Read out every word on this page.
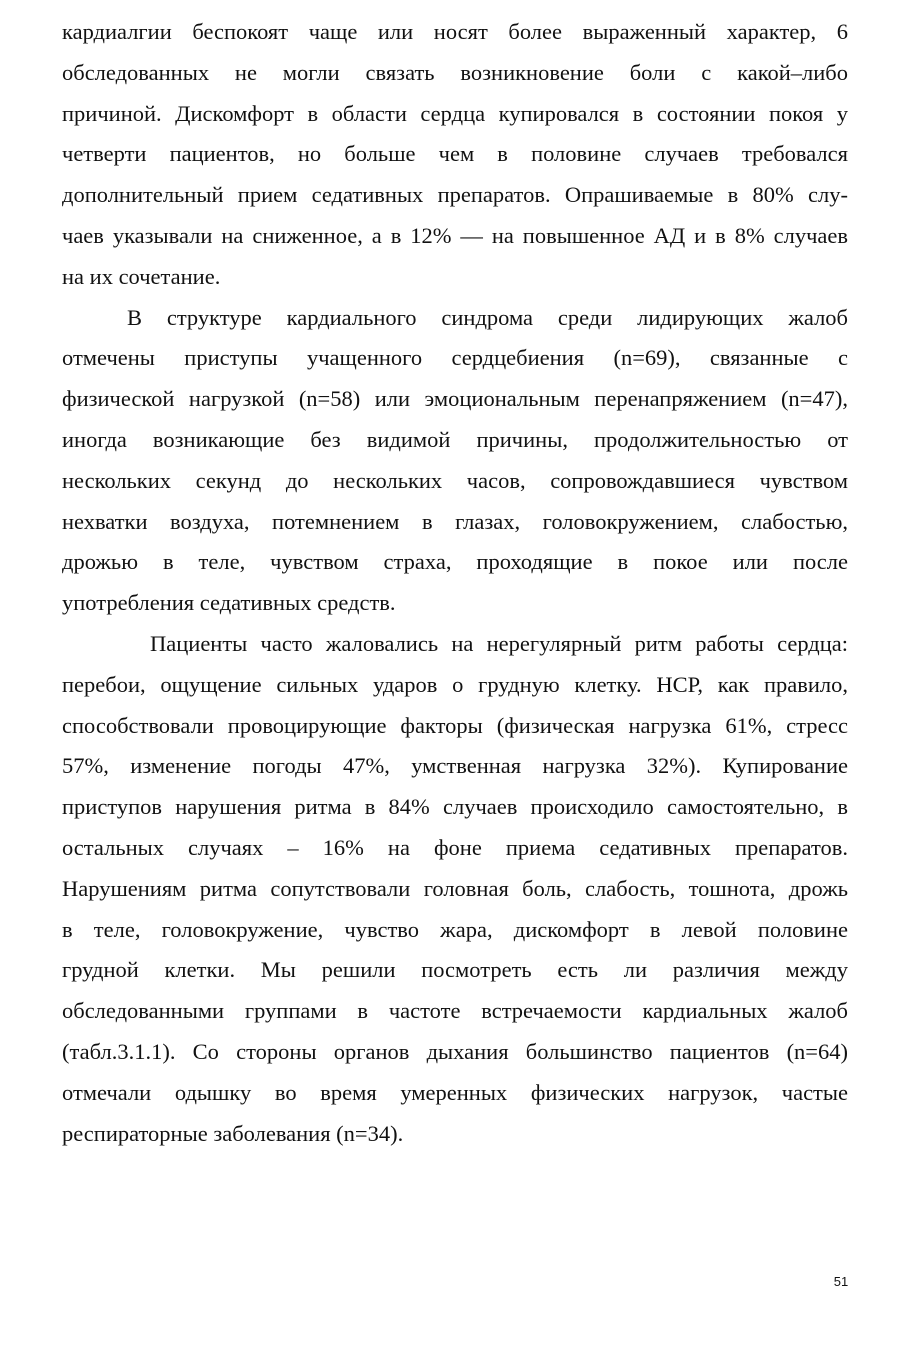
кардиалгии беспокоят чаще или носят более выраженный характер, 6
обследованных не могли связать возникновение боли с какой–либо
причиной. Дискомфорт в области сердца купировался в состоянии покоя у
четверти пациентов, но больше чем в половине случаев требовался
дополнительный прием седативных препаратов. Опрашиваемые в 80% слу-
чаев указывали на сниженное, а в 12% — на повышенное АД и в 8% случаев
на их сочетание.
В структуре кардиального синдрома среди лидирующих жалоб
отмечены приступы учащенного сердцебиения (n=69), связанные с
физической нагрузкой (n=58) или эмоциональным перенапряжением (n=47),
иногда возникающие без видимой причины, продолжительностью от
нескольких секунд до нескольких часов, сопровождавшиеся чувством
нехватки воздуха, потемнением в глазах, головокружением, слабостью,
дрожью в теле, чувством страха, проходящие в покое или после
употребления седативных средств.
Пациенты часто жаловались на нерегулярный ритм работы сердца:
перебои, ощущение сильных ударов о грудную клетку. НСР, как правило,
способствовали провоцирующие факторы (физическая нагрузка 61%, стресс
57%, изменение погоды 47%, умственная нагрузка 32%). Купирование
приступов нарушения ритма в 84% случаев происходило самостоятельно, в
остальных случаях – 16% на фоне приема седативных препаратов.
Нарушениям ритма сопутствовали головная боль, слабость, тошнота, дрожь
в теле, головокружение, чувство жара, дискомфорт в левой половине
грудной клетки. Мы решили посмотреть есть ли различия между
обследованными группами в частоте встречаемости кардиальных жалоб
(табл.3.1.1). Со стороны органов дыхания большинство пациентов (n=64)
отмечали одышку во время умеренных физических нагрузок, частые
респираторные заболевания (n=34).
51
